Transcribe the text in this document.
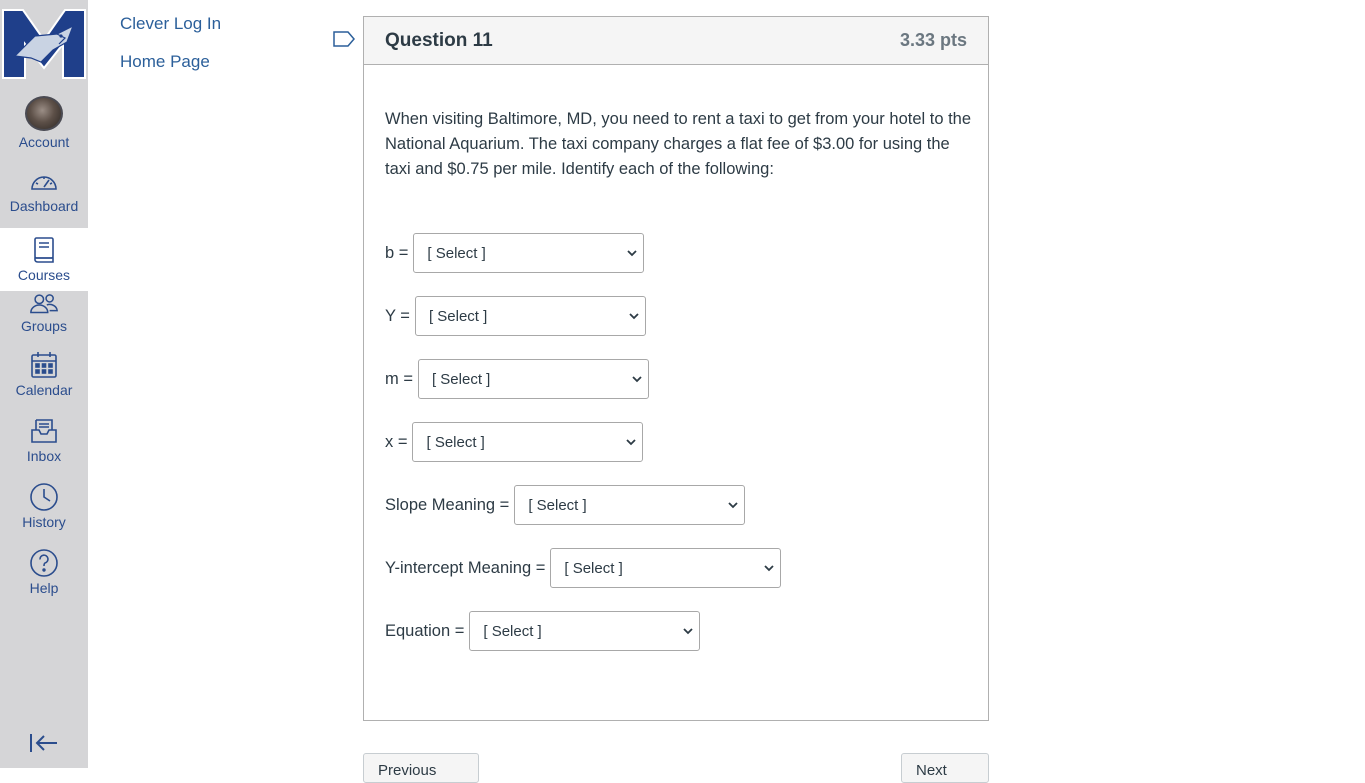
Account
Dashboard
Courses
Groups
Calendar
Inbox
History
Help
Clever Log In
Home Page
Question 11	3.33 pts
When visiting Baltimore, MD, you need to rent a taxi to get from your hotel to the National Aquarium. The taxi company charges a flat fee of $3.00 for using the taxi and $0.75 per mile. Identify each of the following:
b = [ Select ]
Y = [ Select ]
m = [ Select ]
x = [ Select ]
Slope Meaning = [ Select ]
Y-intercept Meaning = [ Select ]
Equation = [ Select ]
Previous	Next
